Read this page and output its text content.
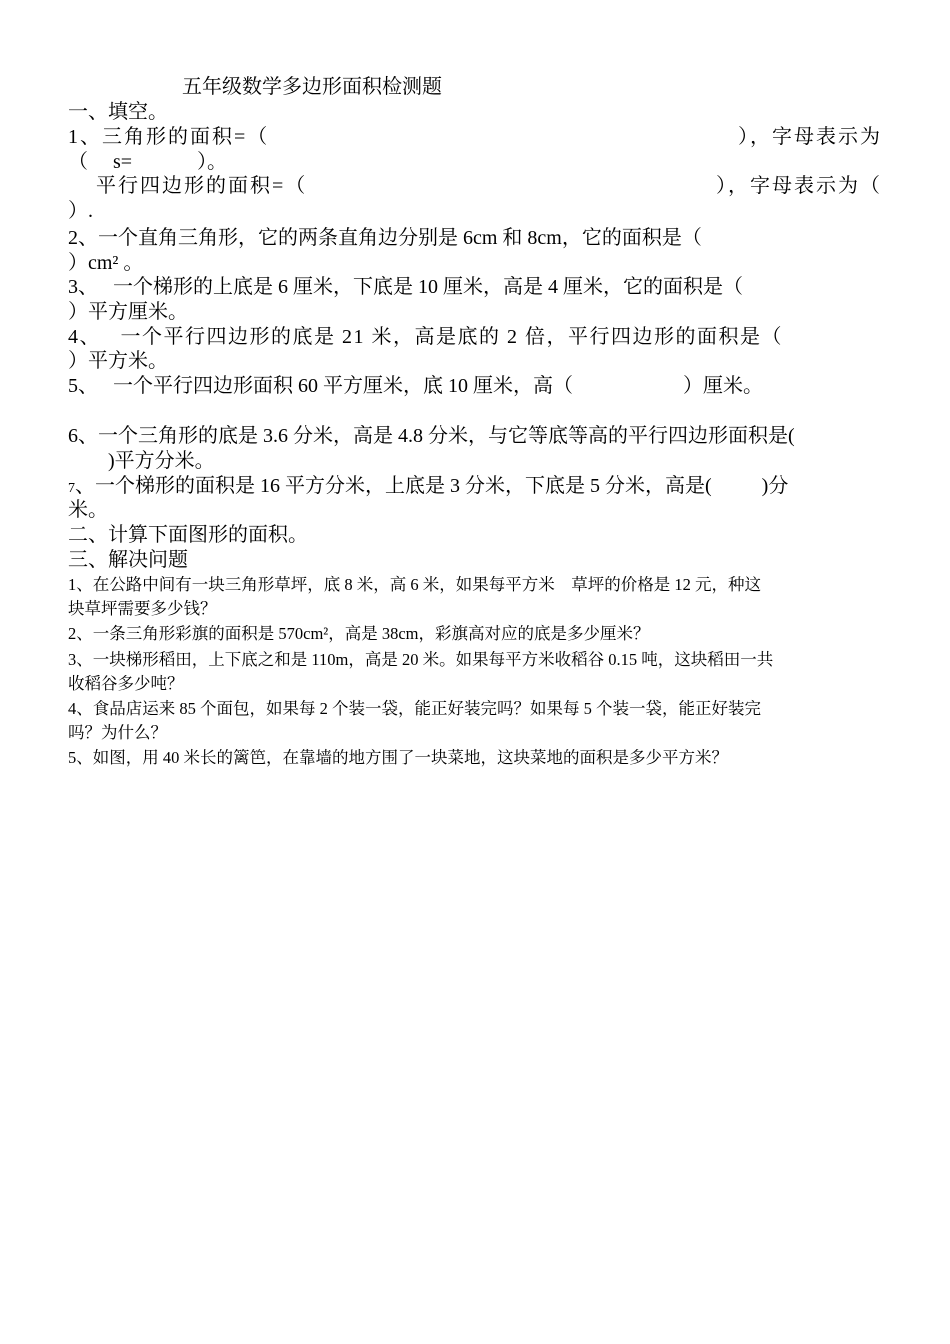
五年级数学多边形面积检测题
一、填空。
1、三角形的面积=（	），字母表示为
（     s=             ）。
平行四边形的面积=（	），字母表示为（
）.
2、一个直角三角形，它的两条直角边分别是 6cm 和 8cm，它的面积是（
）cm² 。
3、   一个梯形的上底是 6 厘米，下底是 10 厘米，高是 4 厘米，它的面积是（
）平方厘米。
4、   一个平行四边形的底是 21 米，高是底的 2 倍，平行四边形的面积是（
）平方米。
5、   一个平行四边形面积 60 平方厘米，底 10 厘米，高（                      ）厘米。
6、一个三角形的底是 3.6 分米，高是 4.8 分米，与它等底等高的平行四边形面积是(
)平方分米。
7、一个梯形的面积是 16 平方分米，上底是 3 分米，下底是 5 分米，高是(          )分
米。
二、计算下面图形的面积。
三、解决问题
1、在公路中间有一块三角形草坪，底 8 米，高 6 米，如果每平方米    草坪的价格是 12 元，种这
块草坪需要多少钱？
2、一条三角形彩旗的面积是 570cm²，高是 38cm，彩旗高对应的底是多少厘米？
3、一块梯形稻田，上下底之和是 110m，高是 20 米。如果每平方米收稻谷 0.15 吨，这块稻田一共
收稻谷多少吨？
4、食品店运来 85 个面包，如果每 2 个装一袋，能正好装完吗？如果每 5 个装一袋，能正好装完
吗？为什么？
5、如图，用 40 米长的篱笆，在靠墙的地方围了一块菜地，这块菜地的面积是多少平方米？
